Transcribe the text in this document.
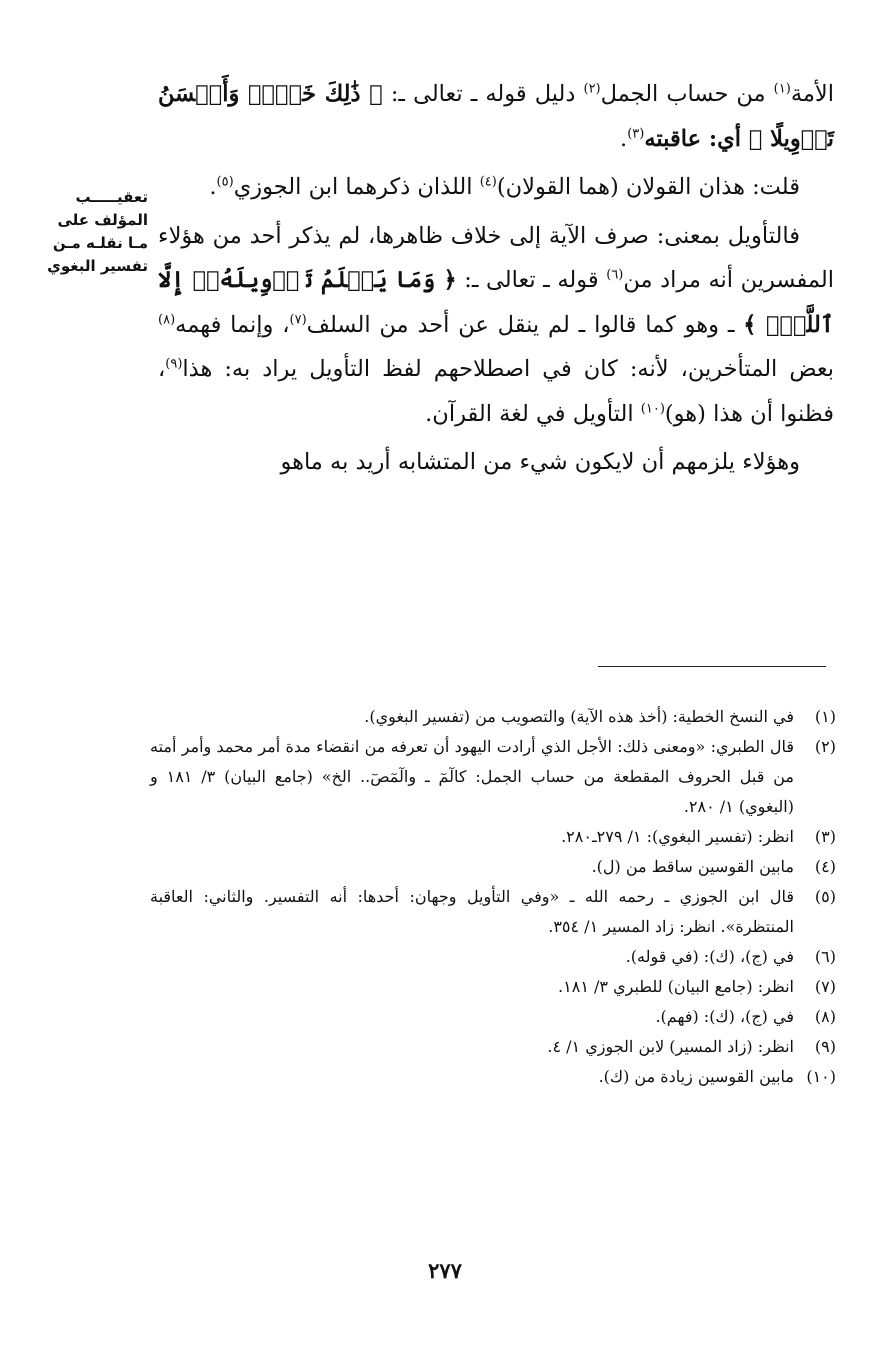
تعقيـــــب
المؤلف على
مـا نقلـه مـن
تفسير البغوي

الأمة$^{(١)}$ من حساب الجمل$^{(٢)}$ دليل قوله ـ تعالى ـ: ﴿ ذَٰلِكَ خَيۡرٞ وَأَحۡسَنُ تَأۡوِيلًا ﴾ أي: عاقبته$^{(٣)}$.

قلت: هذان القولان (هما القولان)$^{(٤)}$ اللذان ذكرهما ابن الجوزي$^{(٥)}$.

فالتأويل بمعنى: صرف الآية إلى خلاف ظاهرها، لم يذكر أحد من هؤلاء المفسرين أنه مراد من$^{(٦)}$ قوله ـ تعالى ـ: ﴿ وَمَا يَعۡلَمُ تَأۡوِيلَهُۥٓ إِلَّا ٱللَّهُۗ ﴾ ـ وهو كما قالوا ـ لم ينقل عن أحد من السلف$^{(٧)}$، وإنما فهمه$^{(٨)}$ بعض المتأخرين، لأنه: كان في اصطلاحهم لفظ التأويل يراد به: هذا$^{(٩)}$، فظنوا أن هذا (هو)$^{(١٠)}$ التأويل في لغة القرآن.

وهؤلاء يلزمهم أن لايكون شيء من المتشابه أريد به ماهو

(١)
في النسخ الخطية: (أخذ هذه الآية) والتصويب من (تفسير البغوي).
(٢)
قال الطبري: «ومعنى ذلك: الأجل الذي أرادت اليهود أن تعرفه من انقضاء مدة أمر محمد وأمر أمته من قبل الحروف المقطعة من حساب الجمل: كالٓمٓ ـ والٓمٓصٓ.. الخ» (جامع البيان) ٣/ ١٨١ و (البغوي) ١/ ٢٨٠.
(٣)
انظر: (تفسير البغوي): ١/ ٢٧٩ـ٢٨٠.
(٤)
مابين القوسين ساقط من (ل).
(٥)
قال ابن الجوزي ـ رحمه الله ـ «وفي التأويل وجهان: أحدها: أنه التفسير. والثاني: العاقبة المنتظرة». انظر: زاد المسير ١/ ٣٥٤.
(٦)
في (ج)، (ك): (في قوله).
(٧)
انظر: (جامع البيان) للطبري ٣/ ١٨١.
(٨)
في (ج)، (ك): (فهم).
(٩)
انظر: (زاد المسير) لابن الجوزي ١/ ٤.
(١٠)
مابين القوسين زيادة من (ك).
٢٧٧
